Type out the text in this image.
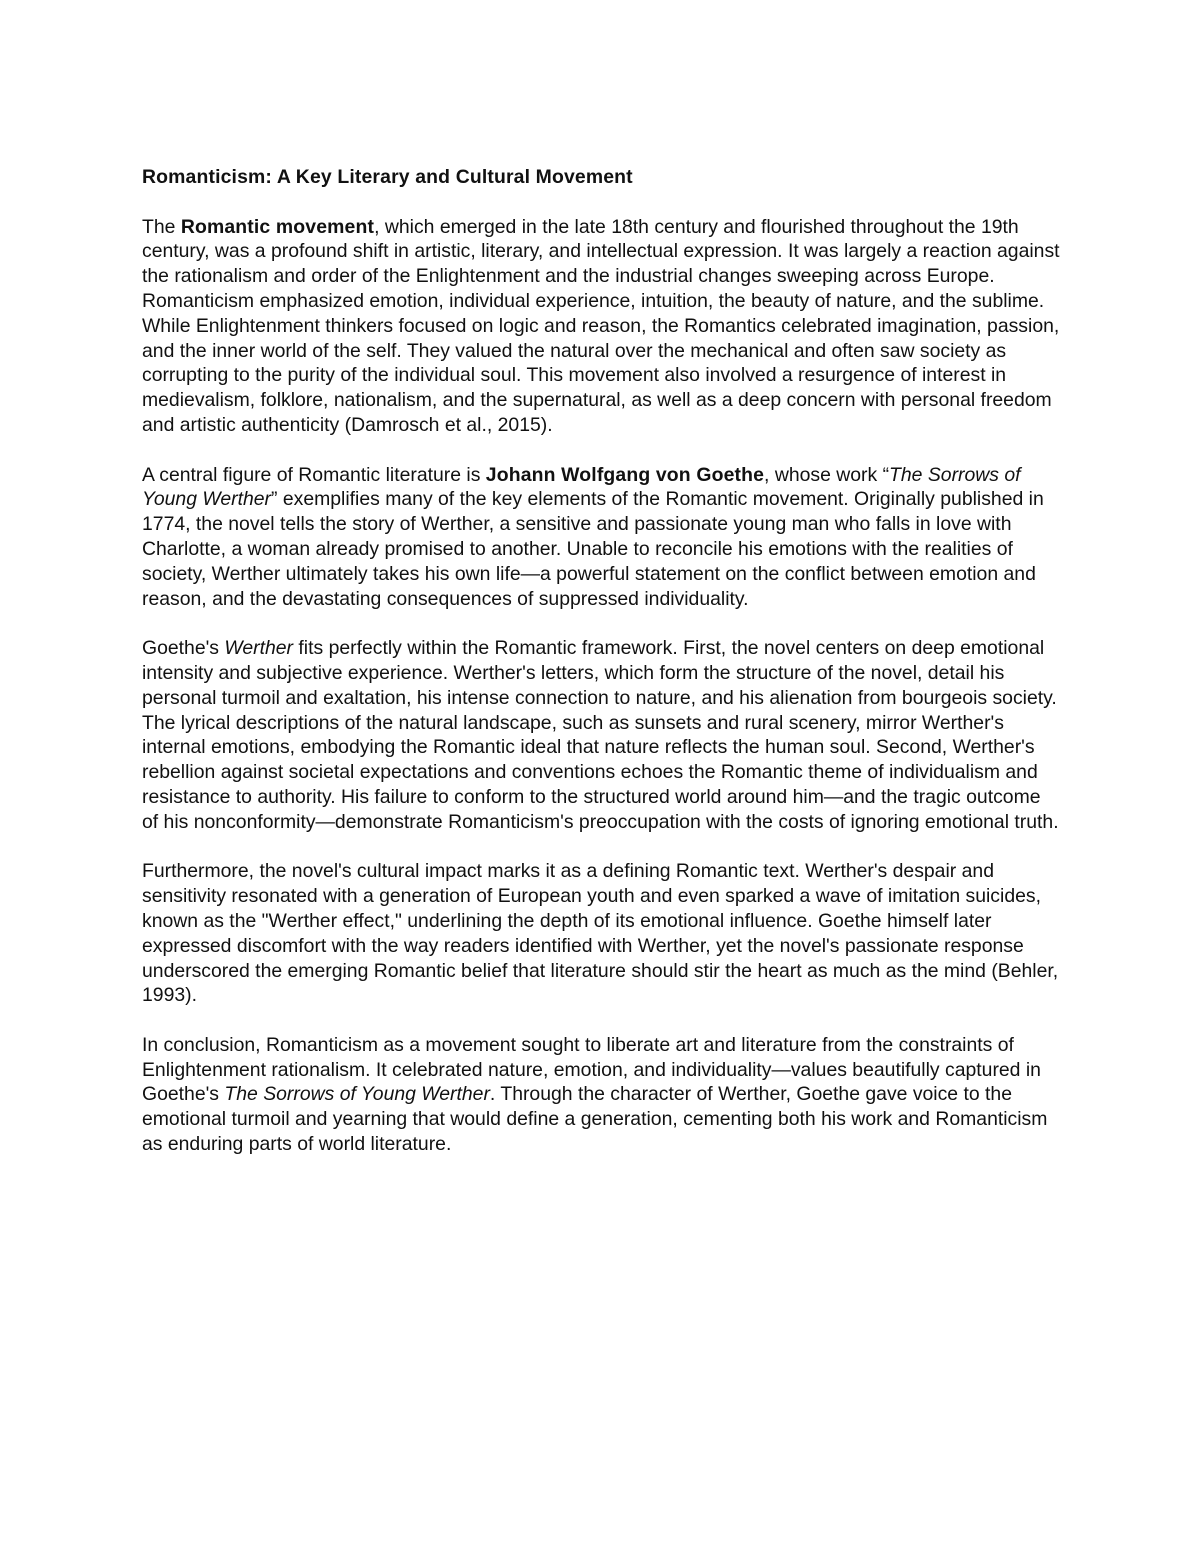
Romanticism: A Key Literary and Cultural Movement

The Romantic movement, which emerged in the late 18th century and flourished throughout the 19th century, was a profound shift in artistic, literary, and intellectual expression. It was largely a reaction against the rationalism and order of the Enlightenment and the industrial changes sweeping across Europe. Romanticism emphasized emotion, individual experience, intuition, the beauty of nature, and the sublime. While Enlightenment thinkers focused on logic and reason, the Romantics celebrated imagination, passion, and the inner world of the self. They valued the natural over the mechanical and often saw society as corrupting to the purity of the individual soul. This movement also involved a resurgence of interest in medievalism, folklore, nationalism, and the supernatural, as well as a deep concern with personal freedom and artistic authenticity (Damrosch et al., 2015).

A central figure of Romantic literature is Johann Wolfgang von Goethe, whose work “The Sorrows of Young Werther” exemplifies many of the key elements of the Romantic movement. Originally published in 1774, the novel tells the story of Werther, a sensitive and passionate young man who falls in love with Charlotte, a woman already promised to another. Unable to reconcile his emotions with the realities of society, Werther ultimately takes his own life—a powerful statement on the conflict between emotion and reason, and the devastating consequences of suppressed individuality.

Goethe's Werther fits perfectly within the Romantic framework. First, the novel centers on deep emotional intensity and subjective experience. Werther's letters, which form the structure of the novel, detail his personal turmoil and exaltation, his intense connection to nature, and his alienation from bourgeois society. The lyrical descriptions of the natural landscape, such as sunsets and rural scenery, mirror Werther's internal emotions, embodying the Romantic ideal that nature reflects the human soul. Second, Werther's rebellion against societal expectations and conventions echoes the Romantic theme of individualism and resistance to authority. His failure to conform to the structured world around him—and the tragic outcome of his nonconformity—demonstrate Romanticism's preoccupation with the costs of ignoring emotional truth.

Furthermore, the novel's cultural impact marks it as a defining Romantic text. Werther's despair and sensitivity resonated with a generation of European youth and even sparked a wave of imitation suicides, known as the "Werther effect," underlining the depth of its emotional influence. Goethe himself later expressed discomfort with the way readers identified with Werther, yet the novel's passionate response underscored the emerging Romantic belief that literature should stir the heart as much as the mind (Behler, 1993).

In conclusion, Romanticism as a movement sought to liberate art and literature from the constraints of Enlightenment rationalism. It celebrated nature, emotion, and individuality—values beautifully captured in Goethe's The Sorrows of Young Werther. Through the character of Werther, Goethe gave voice to the emotional turmoil and yearning that would define a generation, cementing both his work and Romanticism as enduring parts of world literature.
